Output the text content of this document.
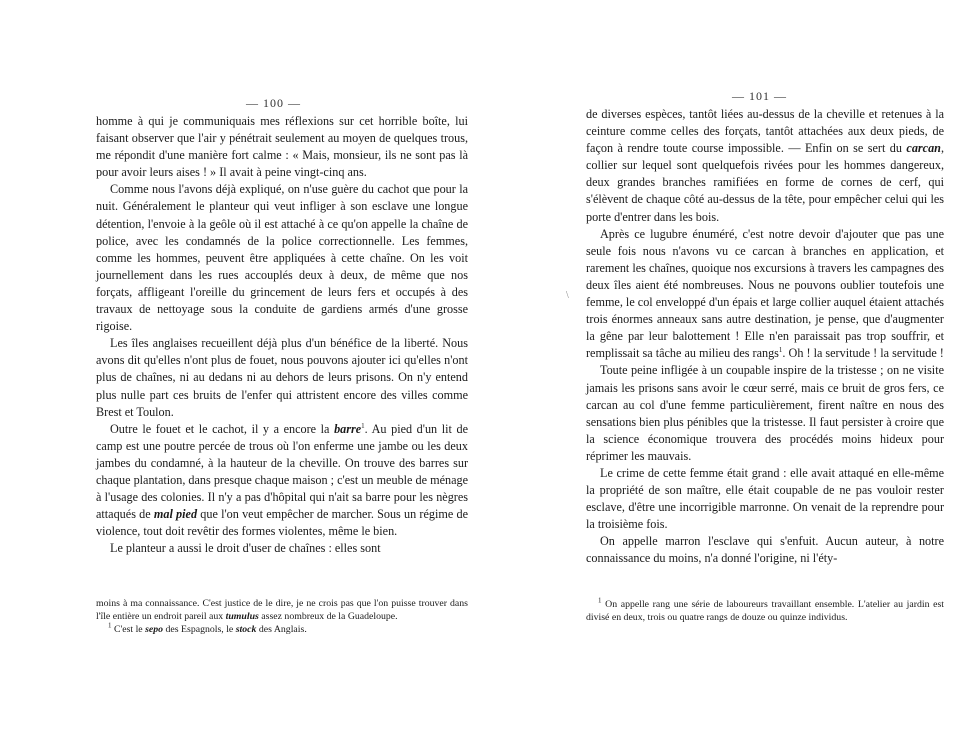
— 100 —

homme à qui je communiquais mes réflexions sur cet horrible boîte, lui faisant observer que l'air y pénétrait seulement au moyen de quelques trous, me répondit d'une manière fort calme : « Mais, monsieur, ils ne sont pas là pour avoir leurs aises ! » Il avait à peine vingt-cinq ans.

Comme nous l'avons déjà expliqué, on n'use guère du cachot que pour la nuit. Généralement le planteur qui veut infliger à son esclave une longue détention, l'envoie à la geôle où il est attaché à ce qu'on appelle la chaîne de police, avec les condamnés de la police correctionnelle. Les femmes, comme les hommes, peuvent être appliquées à cette chaîne. On les voit journellement dans les rues accouplés deux à deux, de même que nos forçats, affligeant l'oreille du grincement de leurs fers et occupés à des travaux de nettoyage sous la conduite de gardiens armés d'une grosse rigoise.

Les îles anglaises recueillent déjà plus d'un bénéfice de la liberté. Nous avons dit qu'elles n'ont plus de fouet, nous pouvons ajouter ici qu'elles n'ont plus de chaînes, ni au dedans ni au dehors de leurs prisons. On n'y entend plus nulle part ces bruits de l'enfer qui attristent encore des villes comme Brest et Toulon.

Outre le fouet et le cachot, il y a encore la barre$^1$. Au pied d'un lit de camp est une poutre percée de trous où l'on enferme une jambe ou les deux jambes du condamné, à la hauteur de la cheville. On trouve des barres sur chaque plantation, dans presque chaque maison ; c'est un meuble de ménage à l'usage des colonies. Il n'y a pas d'hôpital qui n'ait sa barre pour les nègres attaqués de mal pied que l'on veut empêcher de marcher. Sous un régime de violence, tout doit revêtir des formes violentes, même le bien.

Le planteur a aussi le droit d'user de chaînes : elles sont

moins à ma connaissance. C'est justice de le dire, je ne crois pas que l'on puisse trouver dans l'île entière un endroit pareil aux tumulus assez nombreux de la Guadeloupe.

$^1$ C'est le sepo des Espagnols, le stock des Anglais.

\
— 101 —

de diverses espèces, tantôt liées au-dessus de la cheville et retenues à la ceinture comme celles des forçats, tantôt attachées aux deux pieds, de façon à rendre toute course impossible. — Enfin on se sert du carcan, collier sur lequel sont quelquefois rivées pour les hommes dangereux, deux grandes branches ramifiées en forme de cornes de cerf, qui s'élèvent de chaque côté au-dessus de la tête, pour empêcher celui qui les porte d'entrer dans les bois.

Après ce lugubre énuméré, c'est notre devoir d'ajouter que pas une seule fois nous n'avons vu ce carcan à branches en application, et rarement les chaînes, quoique nos excursions à travers les campagnes des deux îles aient été nombreuses. Nous ne pouvons oublier toutefois une femme, le col enveloppé d'un épais et large collier auquel étaient attachés trois énormes anneaux sans autre destination, je pense, que d'augmenter la gêne par leur balottement ! Elle n'en paraissait pas trop souffrir, et remplissait sa tâche au milieu des rangs$^1$. Oh ! la servitude ! la servitude !

Toute peine infligée à un coupable inspire de la tristesse ; on ne visite jamais les prisons sans avoir le cœur serré, mais ce bruit de gros fers, ce carcan au col d'une femme particulièrement, firent naître en nous des sensations bien plus pénibles que la tristesse. Il faut persister à croire que la science économique trouvera des procédés moins hideux pour réprimer les mauvais.

Le crime de cette femme était grand : elle avait attaqué en elle-même la propriété de son maître, elle était coupable de ne pas vouloir rester esclave, d'être une incorrigible marronne. On venait de la reprendre pour la troisième fois.

On appelle marron l'esclave qui s'enfuit. Aucun auteur, à notre connaissance du moins, n'a donné l'origine, ni l'éty-

$^1$ On appelle rang une série de laboureurs travaillant ensemble. L'atelier au jardin est divisé en deux, trois ou quatre rangs de douze ou quinze individus.
